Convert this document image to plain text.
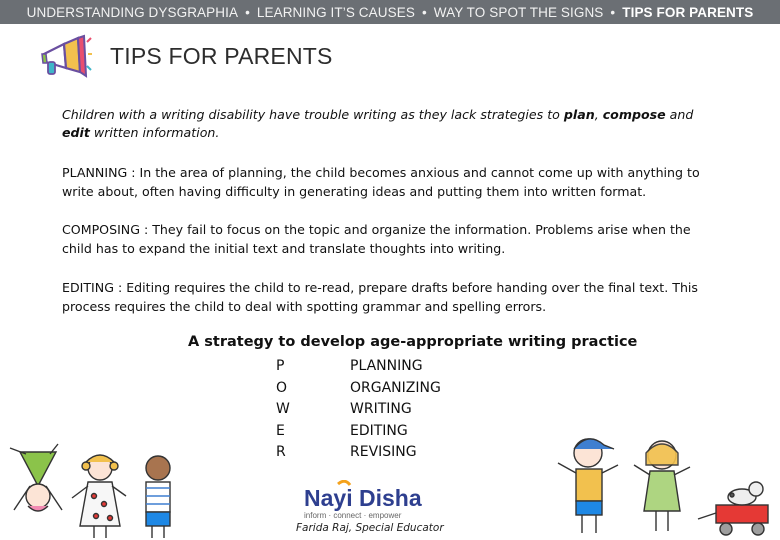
UNDERSTANDING DYSGRAPHIA • LEARNING IT’S CAUSES • WAY TO SPOT THE SIGNS • TIPS FOR PARENTS
TIPS FOR PARENTS
Children with a writing disability have trouble writing as they lack strategies to plan, compose and edit written information.
PLANNING : In the area of planning, the child becomes anxious and cannot come up with anything to write about, often having difficulty in generating ideas and putting them into written format.
COMPOSING : They fail to focus on the topic and organize the information. Problems arise when the child has to expand the initial text and translate thoughts into writing.
EDITING : Editing requires the child to re-read, prepare drafts before handing over the final text. This process requires the child to deal with spotting grammar and spelling errors.
A strategy to develop age-appropriate writing practice
P
O
W
E
R
PLANNING
ORGANIZING
WRITING
EDITING
REVISING
Nayi Disha
inform · connect · empower
Farida Raj, Special Educator
